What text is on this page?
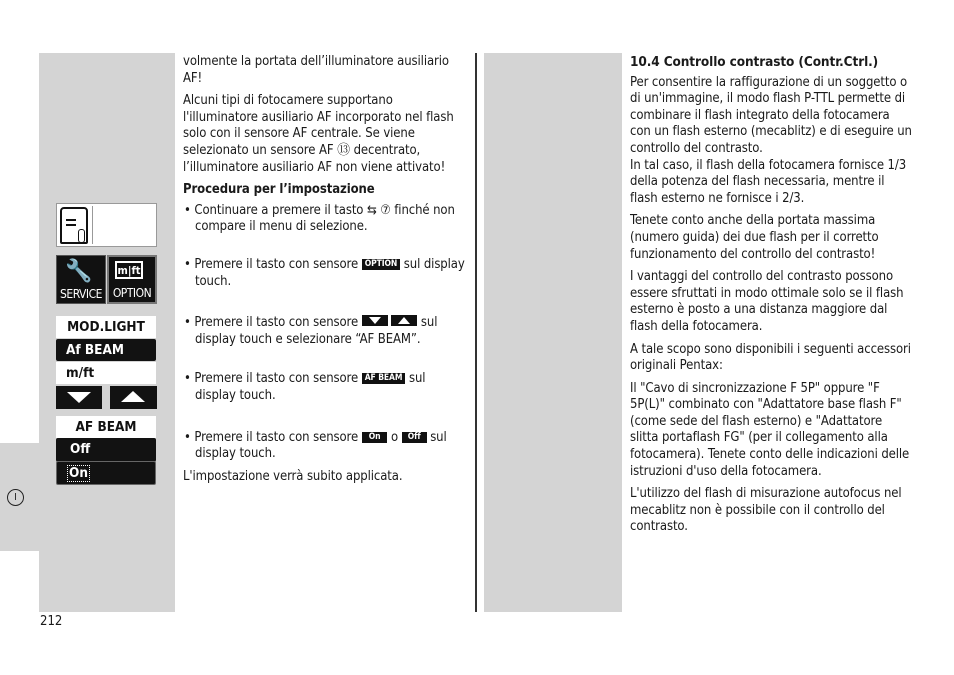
I
🔧
SERVICE
m|ft
OPTION
MOD.LIGHT
Af BEAM
m/ft
AF BEAM
Off
On

volmente la portata dell’illuminatore ausiliario AF!

Alcuni tipi di fotocamere supportano l'illuminatore ausiliario AF incorporato nel flash solo con il sensore AF centrale. Se viene selezionato un sensore AF ⑬ decentrato, l’illuminatore ausiliario AF non viene attivato!

Procedura per l’impostazione

• Continuare a premere il tasto ⇆ ⑦ finché non compare il menu di selezione.

• Premere il tasto con sensore OPTION sul display touch.

• Premere il tasto con sensore	sul display touch e selezionare “AF BEAM”.

• Premere il tasto con sensore AF BEAM sul display touch.

• Premere il tasto con sensore On o Off sul display touch.

L'impostazione verrà subito applicata.

10.4 Controllo contrasto (Contr.Ctrl.)

Per consentire la raffigurazione di un soggetto o di un'immagine, il modo flash P-TTL permette di combinare il flash integrato della fotocamera con un flash esterno (mecablitz) e di eseguire un controllo del contrasto.

In tal caso, il flash della fotocamera fornisce 1/3 della potenza del flash necessaria, mentre il flash esterno ne fornisce i 2/3.

Tenete conto anche della portata massima (numero guida) dei due flash per il corretto funzionamento del controllo del contrasto!

I vantaggi del controllo del contrasto possono essere sfruttati in modo ottimale solo se il flash esterno è posto a una distanza maggiore dal flash della fotocamera.

A tale scopo sono disponibili i seguenti accessori originali Pentax:

Il "Cavo di sincronizzazione F 5P" oppure "F 5P(L)" combinato con "Adattatore base flash F" (come sede del flash esterno) e "Adattatore slitta portaflash FG" (per il collegamento alla fotocamera). Tenete conto delle indicazioni delle istruzioni d'uso della fotocamera.

L'utilizzo del flash di misurazione autofocus nel mecablitz non è possibile con il controllo del contrasto.

212
